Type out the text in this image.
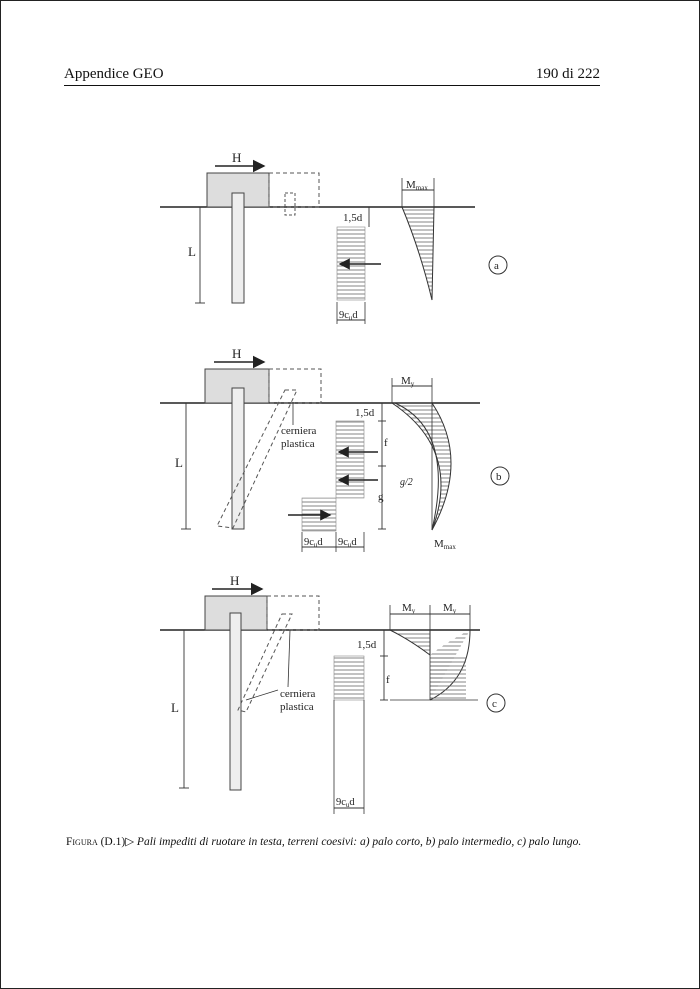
Appendice GEO	190 di 222
H
L
1,5d
9cud
Mmax
a
H
L
cerniera
plastica
1,5d
f
g
g/2
9cud 9cud
My
Mmax
b
H
L
cerniera
plastica
1,5d
f
9cud
My	My
c
Figura (D.1)▷ Pali impediti di ruotare in testa, terreni coesivi: a) palo corto, b) palo intermedio, c) palo lungo.
